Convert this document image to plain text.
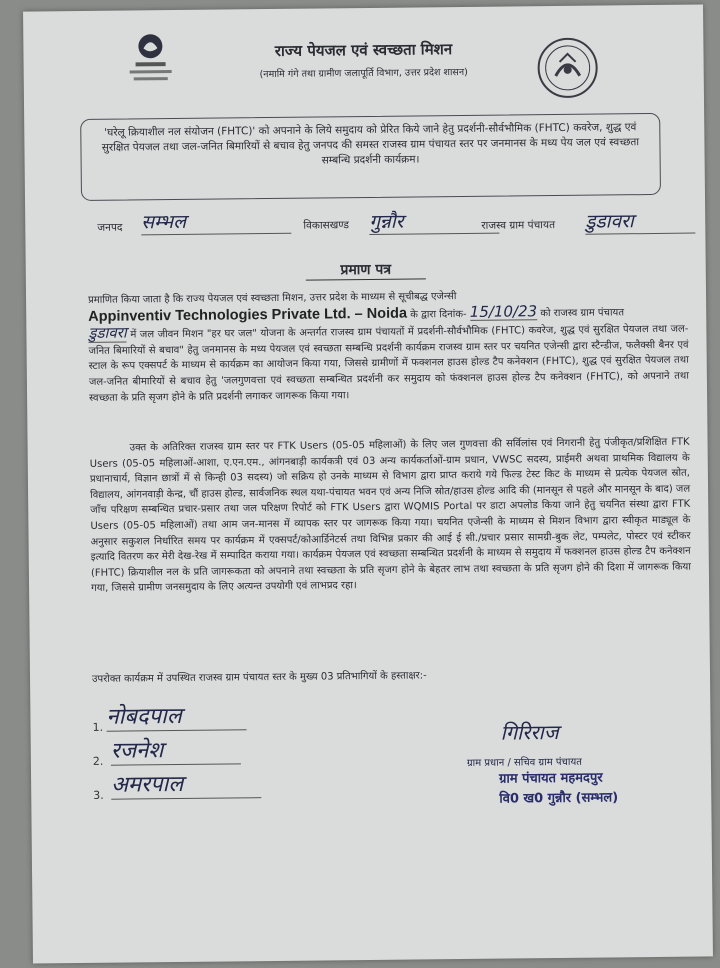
राज्य पेयजल एवं स्वच्छता मिशन
(नमामि गंगे तथा ग्रामीण जलापूर्ति विभाग, उत्तर प्रदेश शासन)
'घरेलू क्रियाशील नल संयोजन (FHTC)' को अपनाने के लिये समुदाय को प्रेरित किये जाने हेतु प्रदर्शनी-सौर्वभौमिक (FHTC) कवरेज, शुद्ध एवं सुरक्षित पेयजल तथा जल-जनित बिमारियों से बचाव हेतु जनपद की समस्त राजस्व ग्राम पंचायत स्तर पर जनमानस के मध्य पेय जल एवं स्वच्छता सम्बन्धि प्रदर्शनी कार्यक्रम।
जनपद सम्भल	विकासखण्ड गुन्नौर	राजस्व ग्राम पंचायत डुडावरा
प्रमाण पत्र
प्रमाणित किया जाता है कि राज्य पेयजल एवं स्वच्छता मिशन, उत्तर प्रदेश के माध्यम से सूचीबद्ध एजेन्सी
Appinventiv Technologies Private Ltd. – Noida के द्वारा दिनांक- 15/10/23 को राजस्व ग्राम पंचायत
डुडावरा में जल जीवन मिशन "हर घर जल" योजना के अन्तर्गत राजस्व ग्राम पंचायतों में प्रदर्शनी-सौर्वभौमिक (FHTC) कवरेज, शुद्ध एवं सुरक्षित पेयजल तथा जल-जनित बिमारियों से बचाव" हेतु जनमानस के मध्य पेयजल एवं स्वच्छता सम्बन्धि प्रदर्शनी कार्यक्रम राजस्व ग्राम स्तर पर चयनित एजेन्सी द्वारा स्टैन्डीज, फलैक्सी बैनर एवं स्टाल के रूप एक्सपर्ट के माध्यम से कार्यक्रम का आयोजन किया गया, जिससे ग्रामीणों में फक्शनल हाउस होल्ड टैप कनेक्शन (FHTC), शुद्ध एवं सुरक्षित पेयजल तथा जल-जनित बीमारियों से बचाव हेतु 'जलगुणवत्ता एवं स्वच्छता सम्बन्धित प्रदर्शनी कर समुदाय को फंक्शनल हाउस होल्ड टैप कनेक्शन (FHTC), को अपनाने तथा स्वच्छता के प्रति सृजग होने के प्रति प्रदर्शनी लगाकर जागरूक किया गया।
उक्त के अतिरिक्त राजस्व ग्राम स्तर पर FTK Users (05-05 महिलाओं) के लिए जल गुणवत्ता की सर्विलांस एवं निगरानी हेतु पंजीकृत/प्रशिक्षित FTK Users (05-05 महिलाओं-आशा, ए.एन.एम., आंगनबाड़ी कार्यकत्री एवं 03 अन्य कार्यकर्ताओं-ग्राम प्रधान, VWSC सदस्य, प्राईमरी अथवा प्राथमिक विद्यालय के प्रधानाचार्य, विज्ञान छात्रों में से किन्ही 03 सदस्य) जो सक्रिय हो उनके माध्यम से विभाग द्वारा प्राप्त कराये गये फिल्ड टेस्ट किट के माध्यम से प्रत्येक पेयजल स्रोत, विद्यालय, आंगनवाड़ी केन्द्र, चौं हाउस होल्ड, सार्वजनिक स्थल यथा-पंचायत भवन एवं अन्य निजि स्रोत/हाउस होल्ड आदि की (मानसून से पहले और मानसून के बाद) जल जाँच परिक्षण सम्बन्धित प्रचार-प्रसार तथा जल परिक्षण रिपोर्ट को FTK Users द्वारा WQMIS Portal पर डाटा अपलोड किया जाने हेतु चयनित संस्था द्वारा FTK Users (05-05 महिलाओं) तथा आम जन-मानस में व्यापक स्तर पर जागरूक किया गया। चयनित एजेन्सी के माध्यम से मिशन विभाग द्वारा स्वीकृत माड्यूल के अनुसार सकुशल निर्धारित समय पर कार्यक्रम में एक्सपर्ट/कोआर्डिनेटर्स तथा विभिन्न प्रकार की आई ई सी./प्रचार प्रसार सामग्री-बुक लेट, पम्पलेट, पोस्टर एवं स्टीकर इत्यादि वितरण कर मेरी देख-रेख में सम्पादित कराया गया। कार्यक्रम पेयजल एवं स्वच्छता सम्बन्धित प्रदर्शनी के माध्यम से समुदाय में फक्शनल हाउस होल्ड टैप कनेक्शन (FHTC) क्रियाशील नल के प्रति जागरूकता को अपनाने तथा स्वच्छता के प्रति सृजग होने के बेहतर लाभ तथा स्वच्छता के प्रति सृजग होने की दिशा में जागरूक किया गया, जिससे ग्रामीण जनसमुदाय के लिए अत्यन्त उपयोगी एवं लाभप्रद रहा।
उपरोक्त कार्यक्रम में उपस्थित राजस्व ग्राम पंचायत स्तर के मुख्य 03 प्रतिभागियों के हस्ताक्षर:-
1. नोबदपाल
2. रजनेश
3. अमरपाल
गिरिराज
ग्राम प्रधान / सचिव ग्राम पंचायत
ग्राम पंचायत महमदपुर
वि0 ख0 गुन्नौर (सम्भल)
